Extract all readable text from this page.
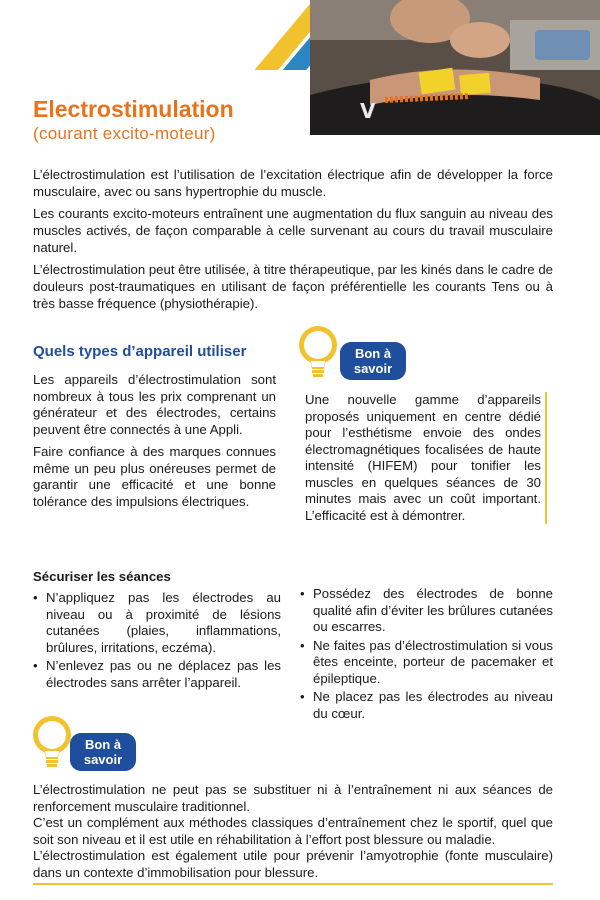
V
Electrostimulation
(courant excito-moteur)

L’électrostimulation est l’utilisation de l’excitation électrique afin de développer la force musculaire, avec ou sans hypertrophie du muscle.

Les courants excito-moteurs entraînent une augmentation du flux sanguin au niveau des muscles activés, de façon comparable à celle survenant au cours du travail musculaire naturel.

L’électrostimulation peut être utilisée, à titre thérapeutique, par les kinés dans le cadre de douleurs post-traumatiques en utilisant de façon préférentielle les courants Tens ou à très basse fréquence (physiothérapie).

Quels types d’appareil utiliser

Les appareils d’électrostimulation sont nombreux à tous les prix comprenant un générateur et des électrodes, certains peuvent être connectés à une Appli.

Faire confiance à des marques connues même un peu plus onéreuses permet de garantir une efficacité et une bonne tolérance des impulsions électriques.

Bon à
savoir
Une nouvelle gamme d’appareils proposés uniquement en centre dédié pour l’esthétisme envoie des ondes électromagnétiques focalisées de haute intensité (HIFEM) pour tonifier les muscles en quelques séances de 30 minutes mais avec un coût important. L’efficacité est à démontrer.
Sécuriser les séances
• N’appliquez pas les électrodes au niveau ou à proximité de lésions cutanées (plaies, inflammations, brûlures, irritations, eczéma).
• N’enlevez pas ou ne déplacez pas les électrodes sans arrêter l’appareil.
• Possédez des électrodes de bonne qualité afin d’éviter les brûlures cutanées ou escarres.
• Ne faites pas d’électrostimulation si vous êtes enceinte, porteur de pacemaker et épileptique.
• Ne placez pas les électrodes au niveau du cœur.
Bon à
savoir

L’électrostimulation ne peut pas se substituer ni à l’entraînement ni aux séances de renforcement musculaire traditionnel.

C’est un complément aux méthodes classiques d’entraînement chez le sportif, quel que soit son niveau et il est utile en réhabilitation à l’effort post blessure ou maladie.

L’électrostimulation est également utile pour prévenir l’amyotrophie (fonte musculaire) dans un contexte d’immobilisation pour blessure.
